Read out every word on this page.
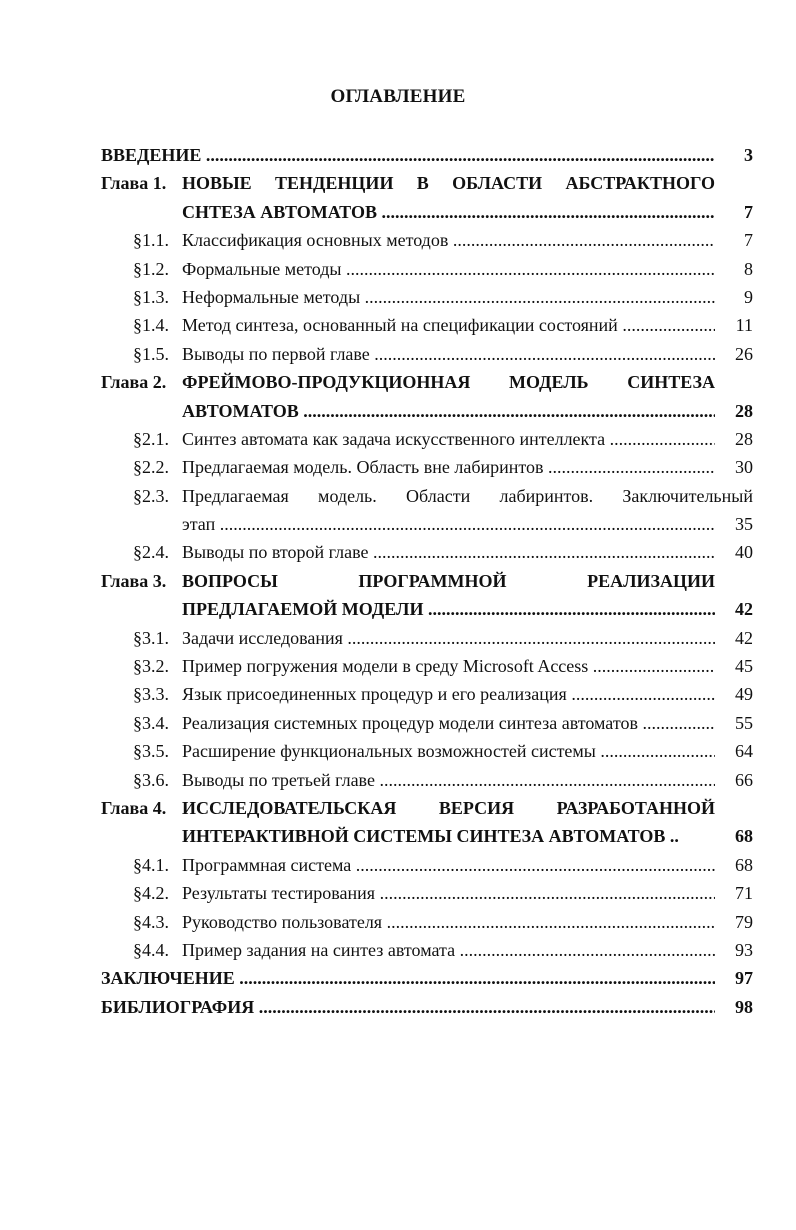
ОГЛАВЛЕНИЕ
ВВЕДЕНИЕ .....	3
Глава 1. НОВЫЕ ТЕНДЕНЦИИ В ОБЛАСТИ АБСТРАКТНОГО
СНТЕЗА АВТОМАТОВ .....	7
§1.1. Классификация основных методов .....	7
§1.2. Формальные методы .....	8
§1.3. Неформальные методы .....	9
§1.4. Метод синтеза, основанный на спецификации состояний .....	11
§1.5. Выводы по первой главе .....	26
Глава 2. ФРЕЙМОВО-ПРОДУКЦИОННАЯ МОДЕЛЬ СИНТЕЗА
АВТОМАТОВ .....	28
§2.1. Синтез автомата как задача искусственного интеллекта .....	28
§2.2. Предлагаемая модель. Область вне лабиринтов .....	30
§2.3. Предлагаемая модель. Области лабиринтов. Заключительный
этап .....	35
§2.4. Выводы по второй главе .....	40
Глава 3. ВОПРОСЫ ПРОГРАММНОЙ РЕАЛИЗАЦИИ
ПРЕДЛАГАЕМОЙ МОДЕЛИ .....	42
§3.1. Задачи исследования .....	42
§3.2. Пример погружения модели в среду Microsoft Access .....	45
§3.3. Язык присоединенных процедур и его реализация .....	49
§3.4. Реализация системных процедур модели синтеза автоматов .....	55
§3.5. Расширение функциональных возможностей системы .....	64
§3.6. Выводы по третьей главе .....	66
Глава 4. ИССЛЕДОВАТЕЛЬСКАЯ ВЕРСИЯ РАЗРАБОТАННОЙ
ИНТЕРАКТИВНОЙ СИСТЕМЫ СИНТЕЗА АВТОМАТОВ ..	68
§4.1. Программная система .....	68
§4.2. Результаты тестирования .....	71
§4.3. Руководство пользователя .....	79
§4.4. Пример задания на синтез автомата .....	93
ЗАКЛЮЧЕНИЕ .....	97
БИБЛИОГРАФИЯ .....	98
